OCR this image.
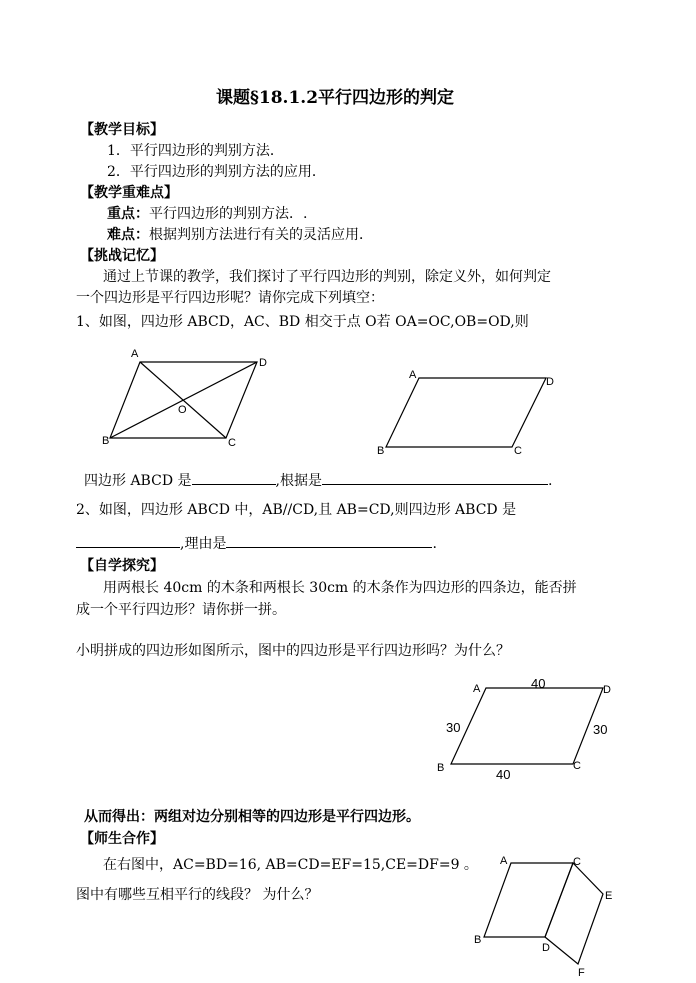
课题§18.1.2平行四边形的判定
【教学目标】
1．平行四边形的判别方法．
2．平行四边形的判别方法的应用．
【教学重难点】
重点：平行四边形的判别方法．.
难点：根据判别方法进行有关的灵活应用．
【挑战记忆】
通过上节课的教学，我们探讨了平行四边形的判别，除定义外，如何判定
一个四边形是平行四边形呢？请你完成下列填空：
1、如图，四边形 ABCD，AC、BD 相交于点 O若 OA=OC,OB=OD,则
四边形 ABCD 是	,根据是	.
2、如图，四边形 ABCD 中，AB//CD,且 AB=CD,则四边形 ABCD 是
,理由是	.
【自学探究】
用两根长 40cm 的木条和两根长 30cm 的木条作为四边形的四条边，能否拼
成一个平行四边形？请你拼一拼。
小明拼成的四边形如图所示，图中的四边形是平行四边形吗？为什么？
从而得出：两组对边分别相等的四边形是平行四边形。
【师生合作】
在右图中，AC=BD=16, AB=CD=EF=15,CE=DF=9 。
图中有哪些互相平行的线段？ 为什么？
A
D
B	C
O
A
D
B	C
A	D
B	C
40
40
30	30
A	C
E
B
D
F
